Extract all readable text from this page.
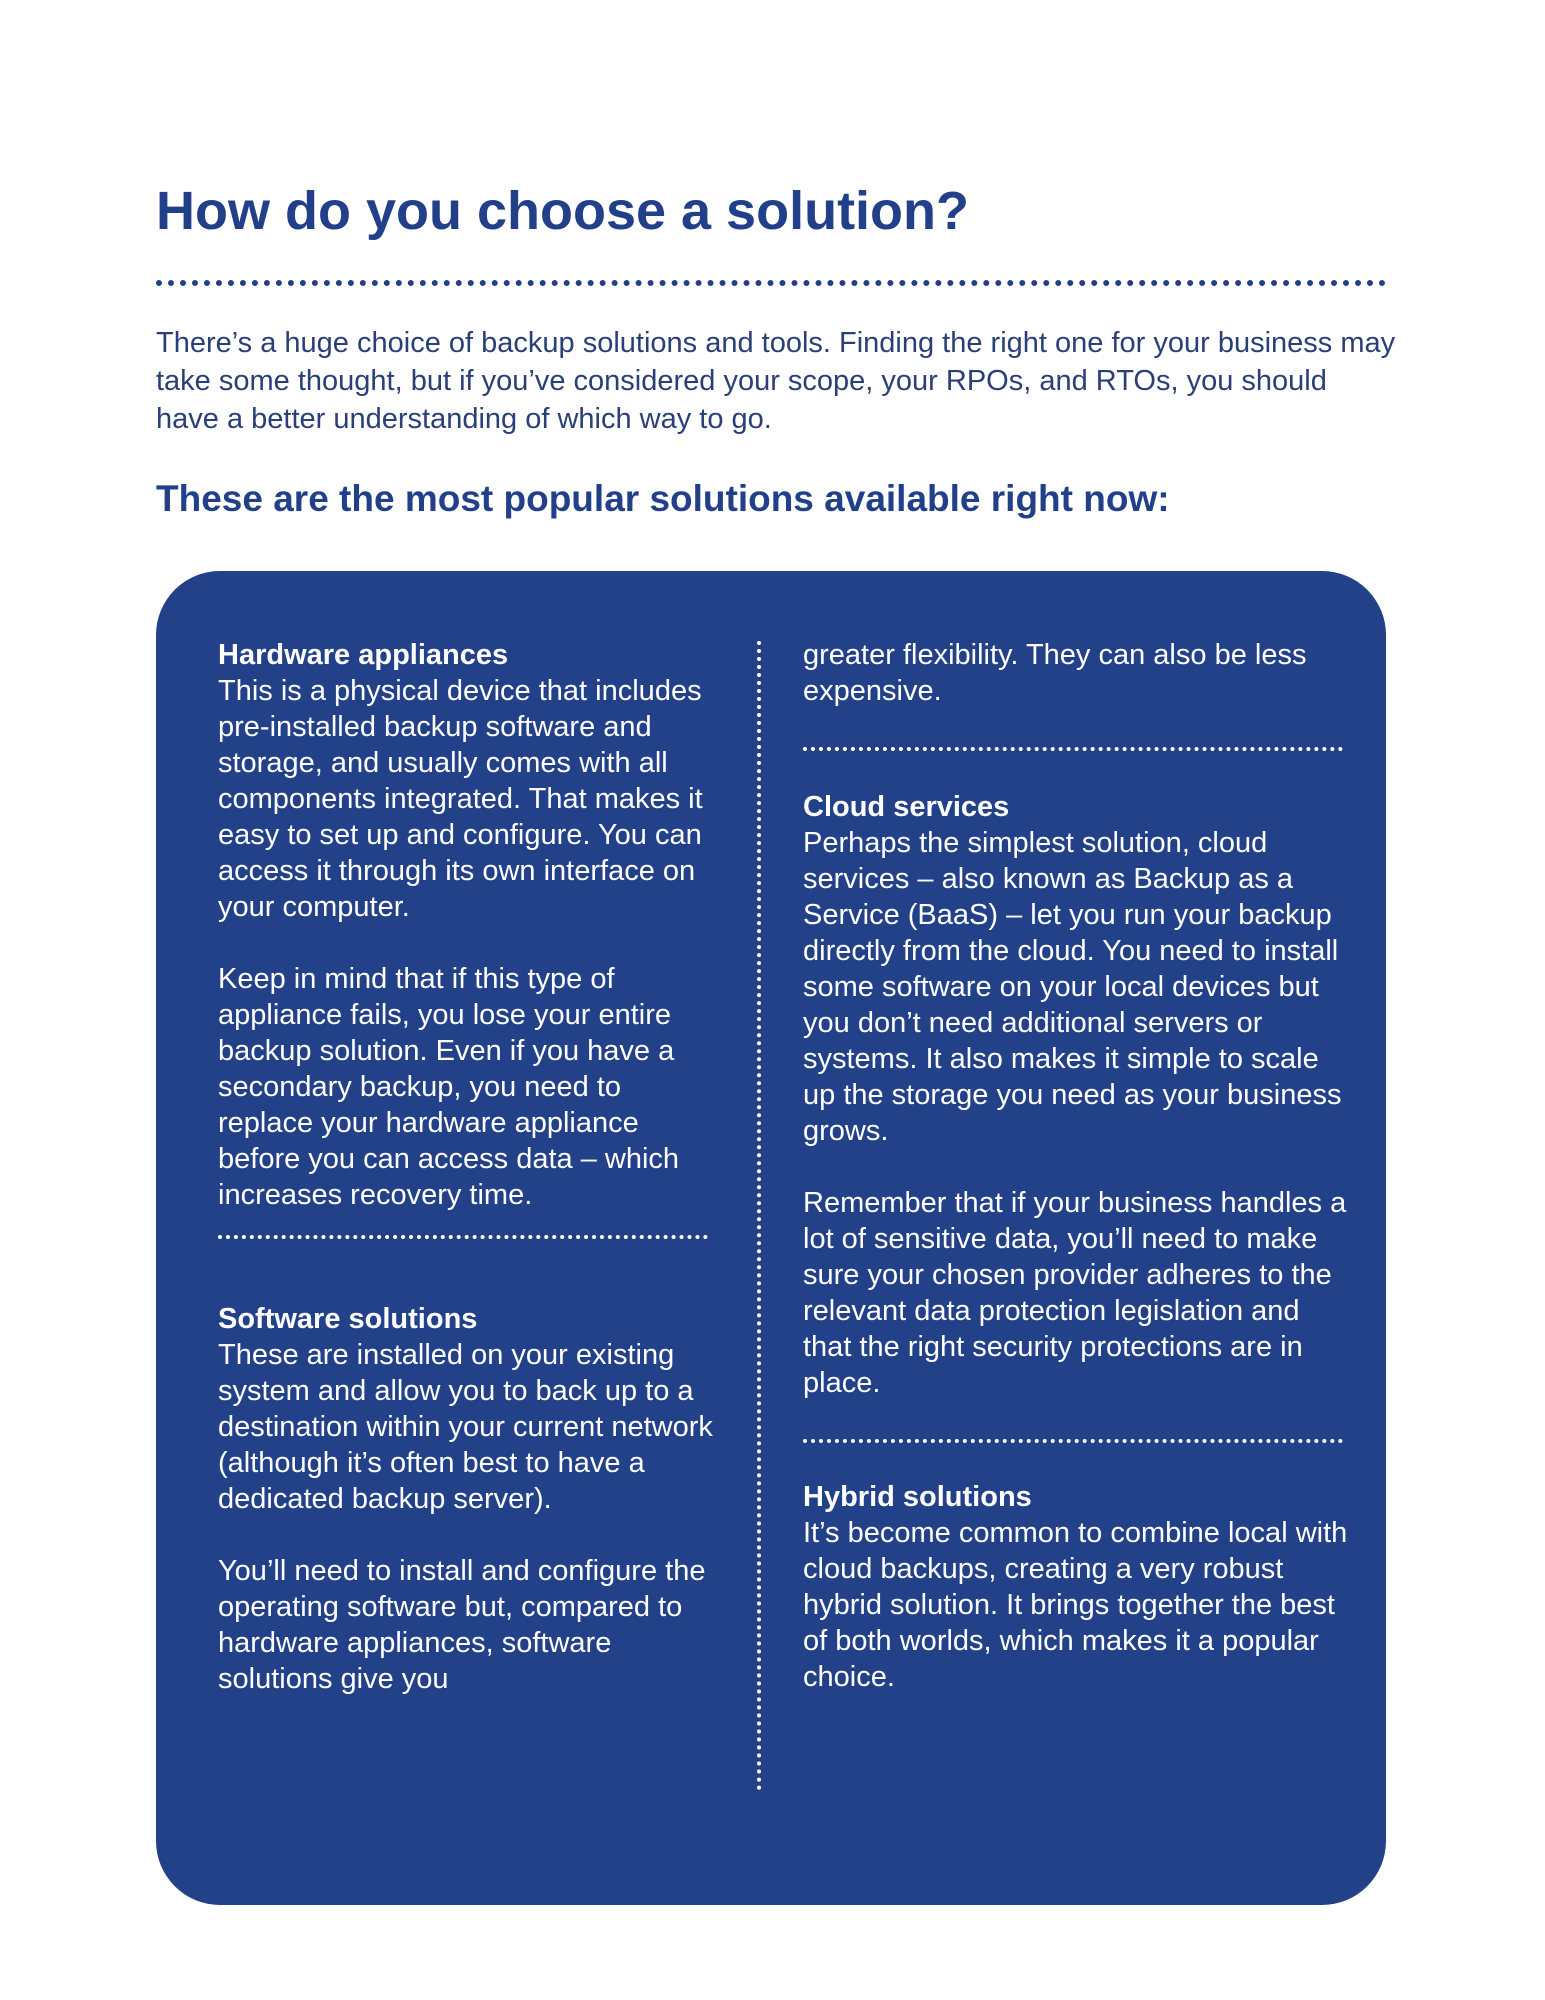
How do you choose a solution?

There’s a huge choice of backup solutions and tools. Finding the right one for your business may take some thought, but if you’ve considered your scope, your RPOs, and RTOs, you should have a better understanding of which way to go.

These are the most popular solutions available right now:
Hardware appliances

This is a physical device that includes pre-installed backup software and storage, and usually comes with all components integrated. That makes it easy to set up and configure. You can access it through its own interface on your computer.

Keep in mind that if this type of appliance fails, you lose your entire backup solution. Even if you have a secondary backup, you need to replace your hardware appliance before you can access data – which increases recovery time.

Software solutions

These are installed on your existing system and allow you to back up to a destination within your current network (although it’s often best to have a dedicated backup server).

You’ll need to install and configure the operating software but, compared to hardware appliances, software solutions give you

greater flexibility. They can also be less expensive.

Cloud services

Perhaps the simplest solution, cloud services – also known as Backup as a Service (BaaS) – let you run your backup directly from the cloud. You need to install some software on your local devices but you don’t need additional servers or systems. It also makes it simple to scale up the storage you need as your business grows.

Remember that if your business handles a lot of sensitive data, you’ll need to make sure your chosen provider adheres to the relevant data protection legislation and that the right security protections are in place.

Hybrid solutions

It’s become common to combine local with cloud backups, creating a very robust hybrid solution. It brings together the best of both worlds, which makes it a popular choice.
